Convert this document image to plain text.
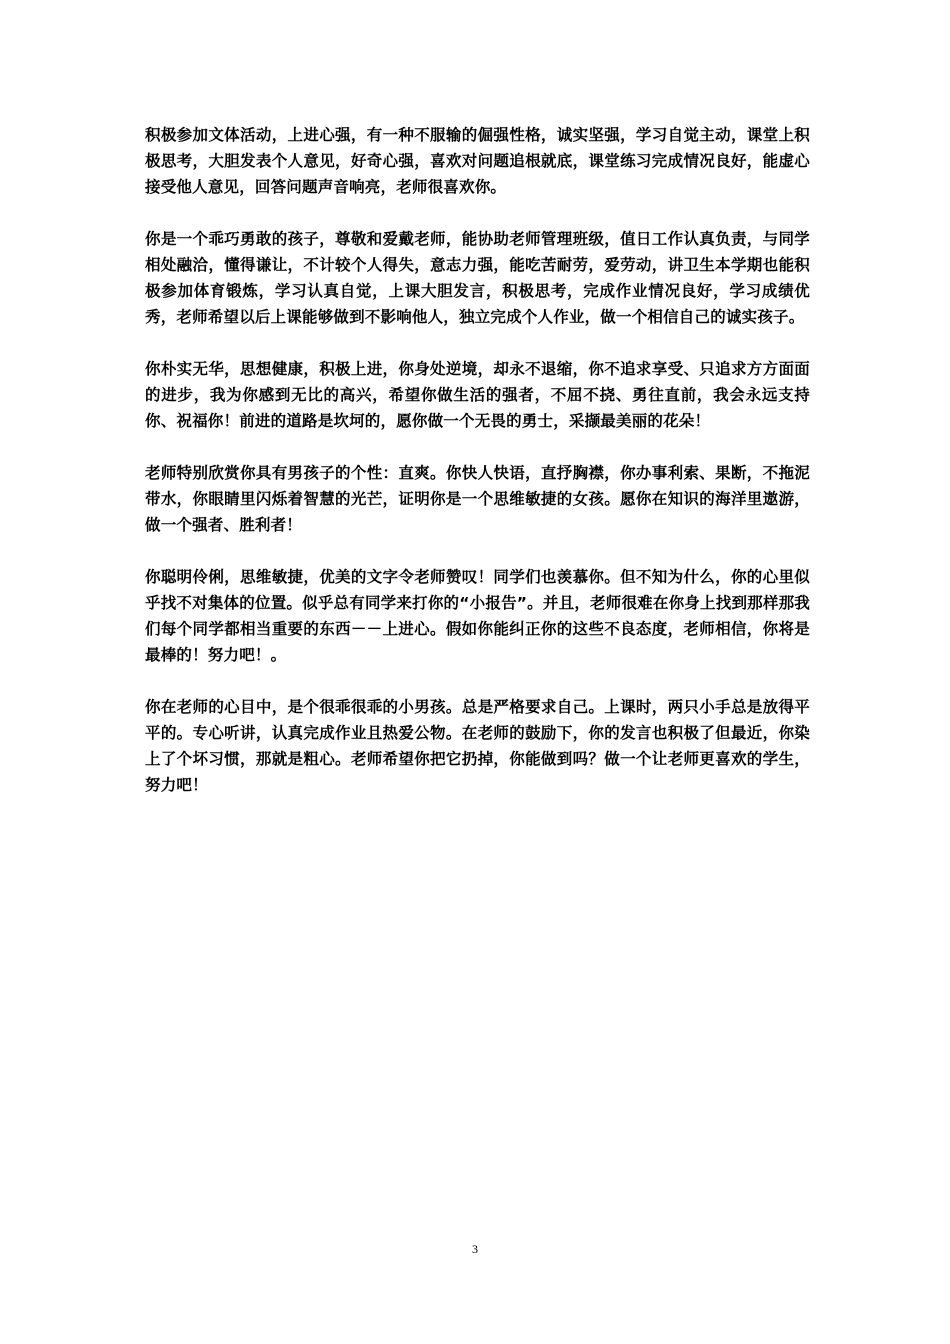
积极参加文体活动，上进心强，有一种不服输的倔强性格，诚实坚强，学习自觉主动，课堂上积极思考，大胆发表个人意见，好奇心强，喜欢对问题追根就底，课堂练习完成情况良好，能虚心接受他人意见，回答问题声音响亮，老师很喜欢你。

你是一个乖巧勇敢的孩子，尊敬和爱戴老师，能协助老师管理班级，值日工作认真负责，与同学相处融洽，懂得谦让，不计较个人得失，意志力强，能吃苦耐劳，爱劳动，讲卫生本学期也能积极参加体育锻炼，学习认真自觉，上课大胆发言，积极思考，完成作业情况良好，学习成绩优秀，老师希望以后上课能够做到不影响他人，独立完成个人作业，做一个相信自己的诚实孩子。

你朴实无华，思想健康，积极上进，你身处逆境，却永不退缩，你不追求享受、只追求方方面面的进步，我为你感到无比的高兴，希望你做生活的强者，不屈不挠、勇往直前，我会永远支持你、祝福你！前进的道路是坎坷的，愿你做一个无畏的勇士，采撷最美丽的花朵！

老师特别欣赏你具有男孩子的个性：直爽。你快人快语，直抒胸襟，你办事利索、果断，不拖泥带水，你眼睛里闪烁着智慧的光芒，证明你是一个思维敏捷的女孩。愿你在知识的海洋里遨游，做一个强者、胜利者！

你聪明伶俐，思维敏捷，优美的文字令老师赞叹！同学们也羡慕你。但不知为什么，你的心里似乎找不对集体的位置。似乎总有同学来打你的“小报告”。并且，老师很难在你身上找到那样那我们每个同学都相当重要的东西－－上进心。假如你能纠正你的这些不良态度，老师相信，你将是最棒的！努力吧！。

你在老师的心目中，是个很乖很乖的小男孩。总是严格要求自己。上课时，两只小手总是放得平平的。专心听讲，认真完成作业且热爱公物。在老师的鼓励下，你的发言也积极了但最近，你染上了个坏习惯，那就是粗心。老师希望你把它扔掉，你能做到吗？做一个让老师更喜欢的学生，努力吧！

3
